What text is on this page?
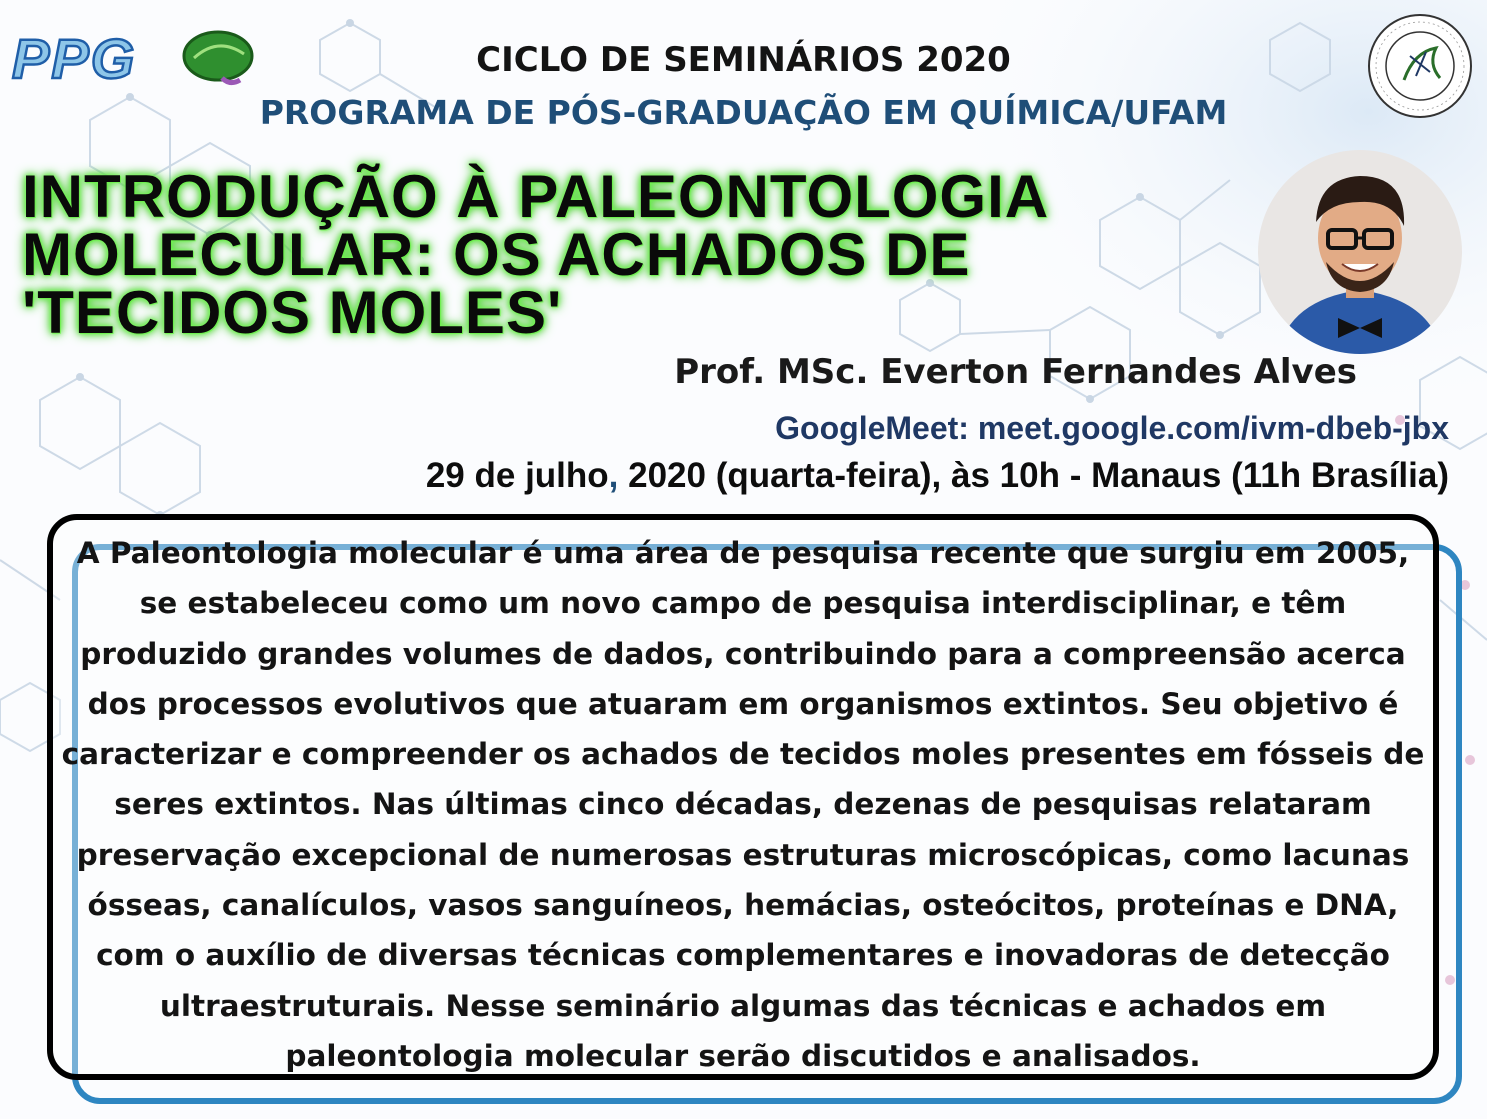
PPG	CICLO DE SEMINÁRIOS 2020
PROGRAMA DE PÓS-GRADUAÇÃO EM QUÍMICA/UFAM
INTRODUÇÃO À PALEONTOLOGIA
MOLECULAR: OS ACHADOS DE
'TECIDOS MOLES'
Prof. MSc. Everton Fernandes Alves
GoogleMeet: meet.google.com/ivm-dbeb-jbx
29 de julho, 2020 (quarta-feira), às 10h - Manaus (11h Brasília)
A Paleontologia molecular é uma área de pesquisa recente que surgiu em 2005, se estabeleceu como um novo campo de pesquisa interdisciplinar, e têm produzido grandes volumes de dados, contribuindo para a compreensão acerca dos processos evolutivos que atuaram em organismos extintos. Seu objetivo é caracterizar e compreender os achados de tecidos moles presentes em fósseis de seres extintos. Nas últimas cinco décadas, dezenas de pesquisas relataram preservação excepcional de numerosas estruturas microscópicas, como lacunas ósseas, canalículos, vasos sanguíneos, hemácias, osteócitos, proteínas e DNA, com o auxílio de diversas técnicas complementares e inovadoras de detecção ultraestruturais. Nesse seminário algumas das técnicas e achados em paleontologia molecular serão discutidos e analisados.
